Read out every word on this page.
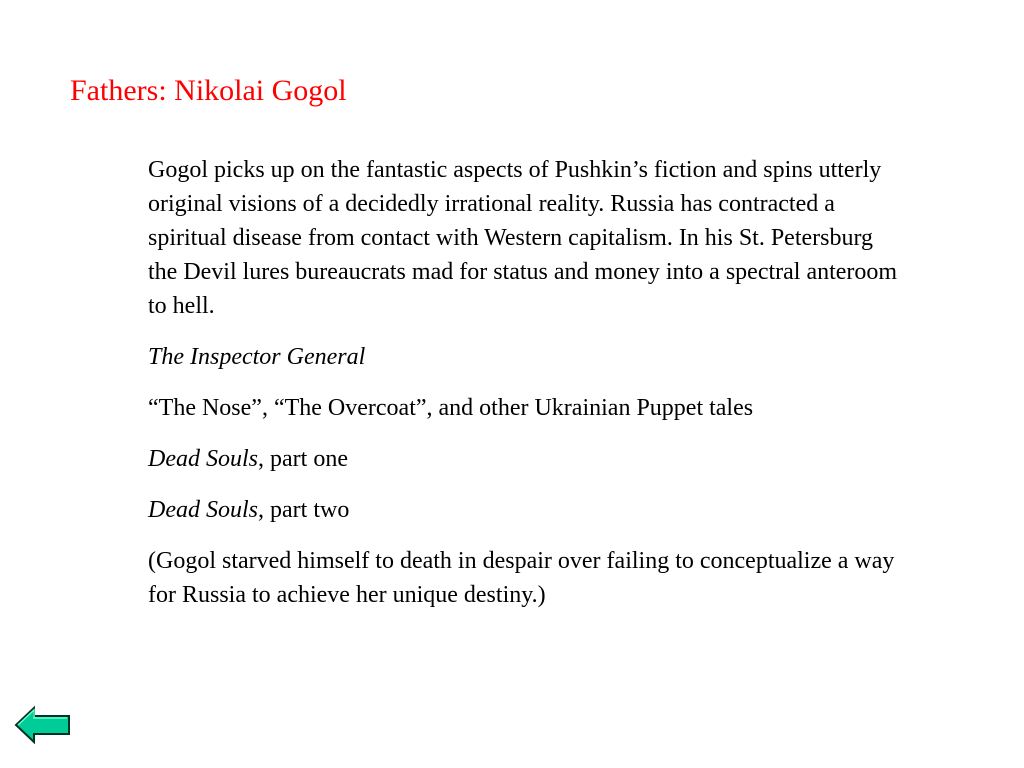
Fathers: Nikolai Gogol

Gogol picks up on the fantastic aspects of Pushkin’s fiction and spins utterly original visions of a decidedly irrational reality. Russia has contracted a spiritual disease from contact with Western capitalism. In his St. Petersburg the Devil lures bureaucrats mad for status and money into a spectral anteroom to hell.

The Inspector General

“The Nose”, “The Overcoat”, and other Ukrainian Puppet tales

Dead Souls, part one

Dead Souls, part two

(Gogol starved himself to death in despair over failing to conceptualize a way for Russia to achieve her unique destiny.)
